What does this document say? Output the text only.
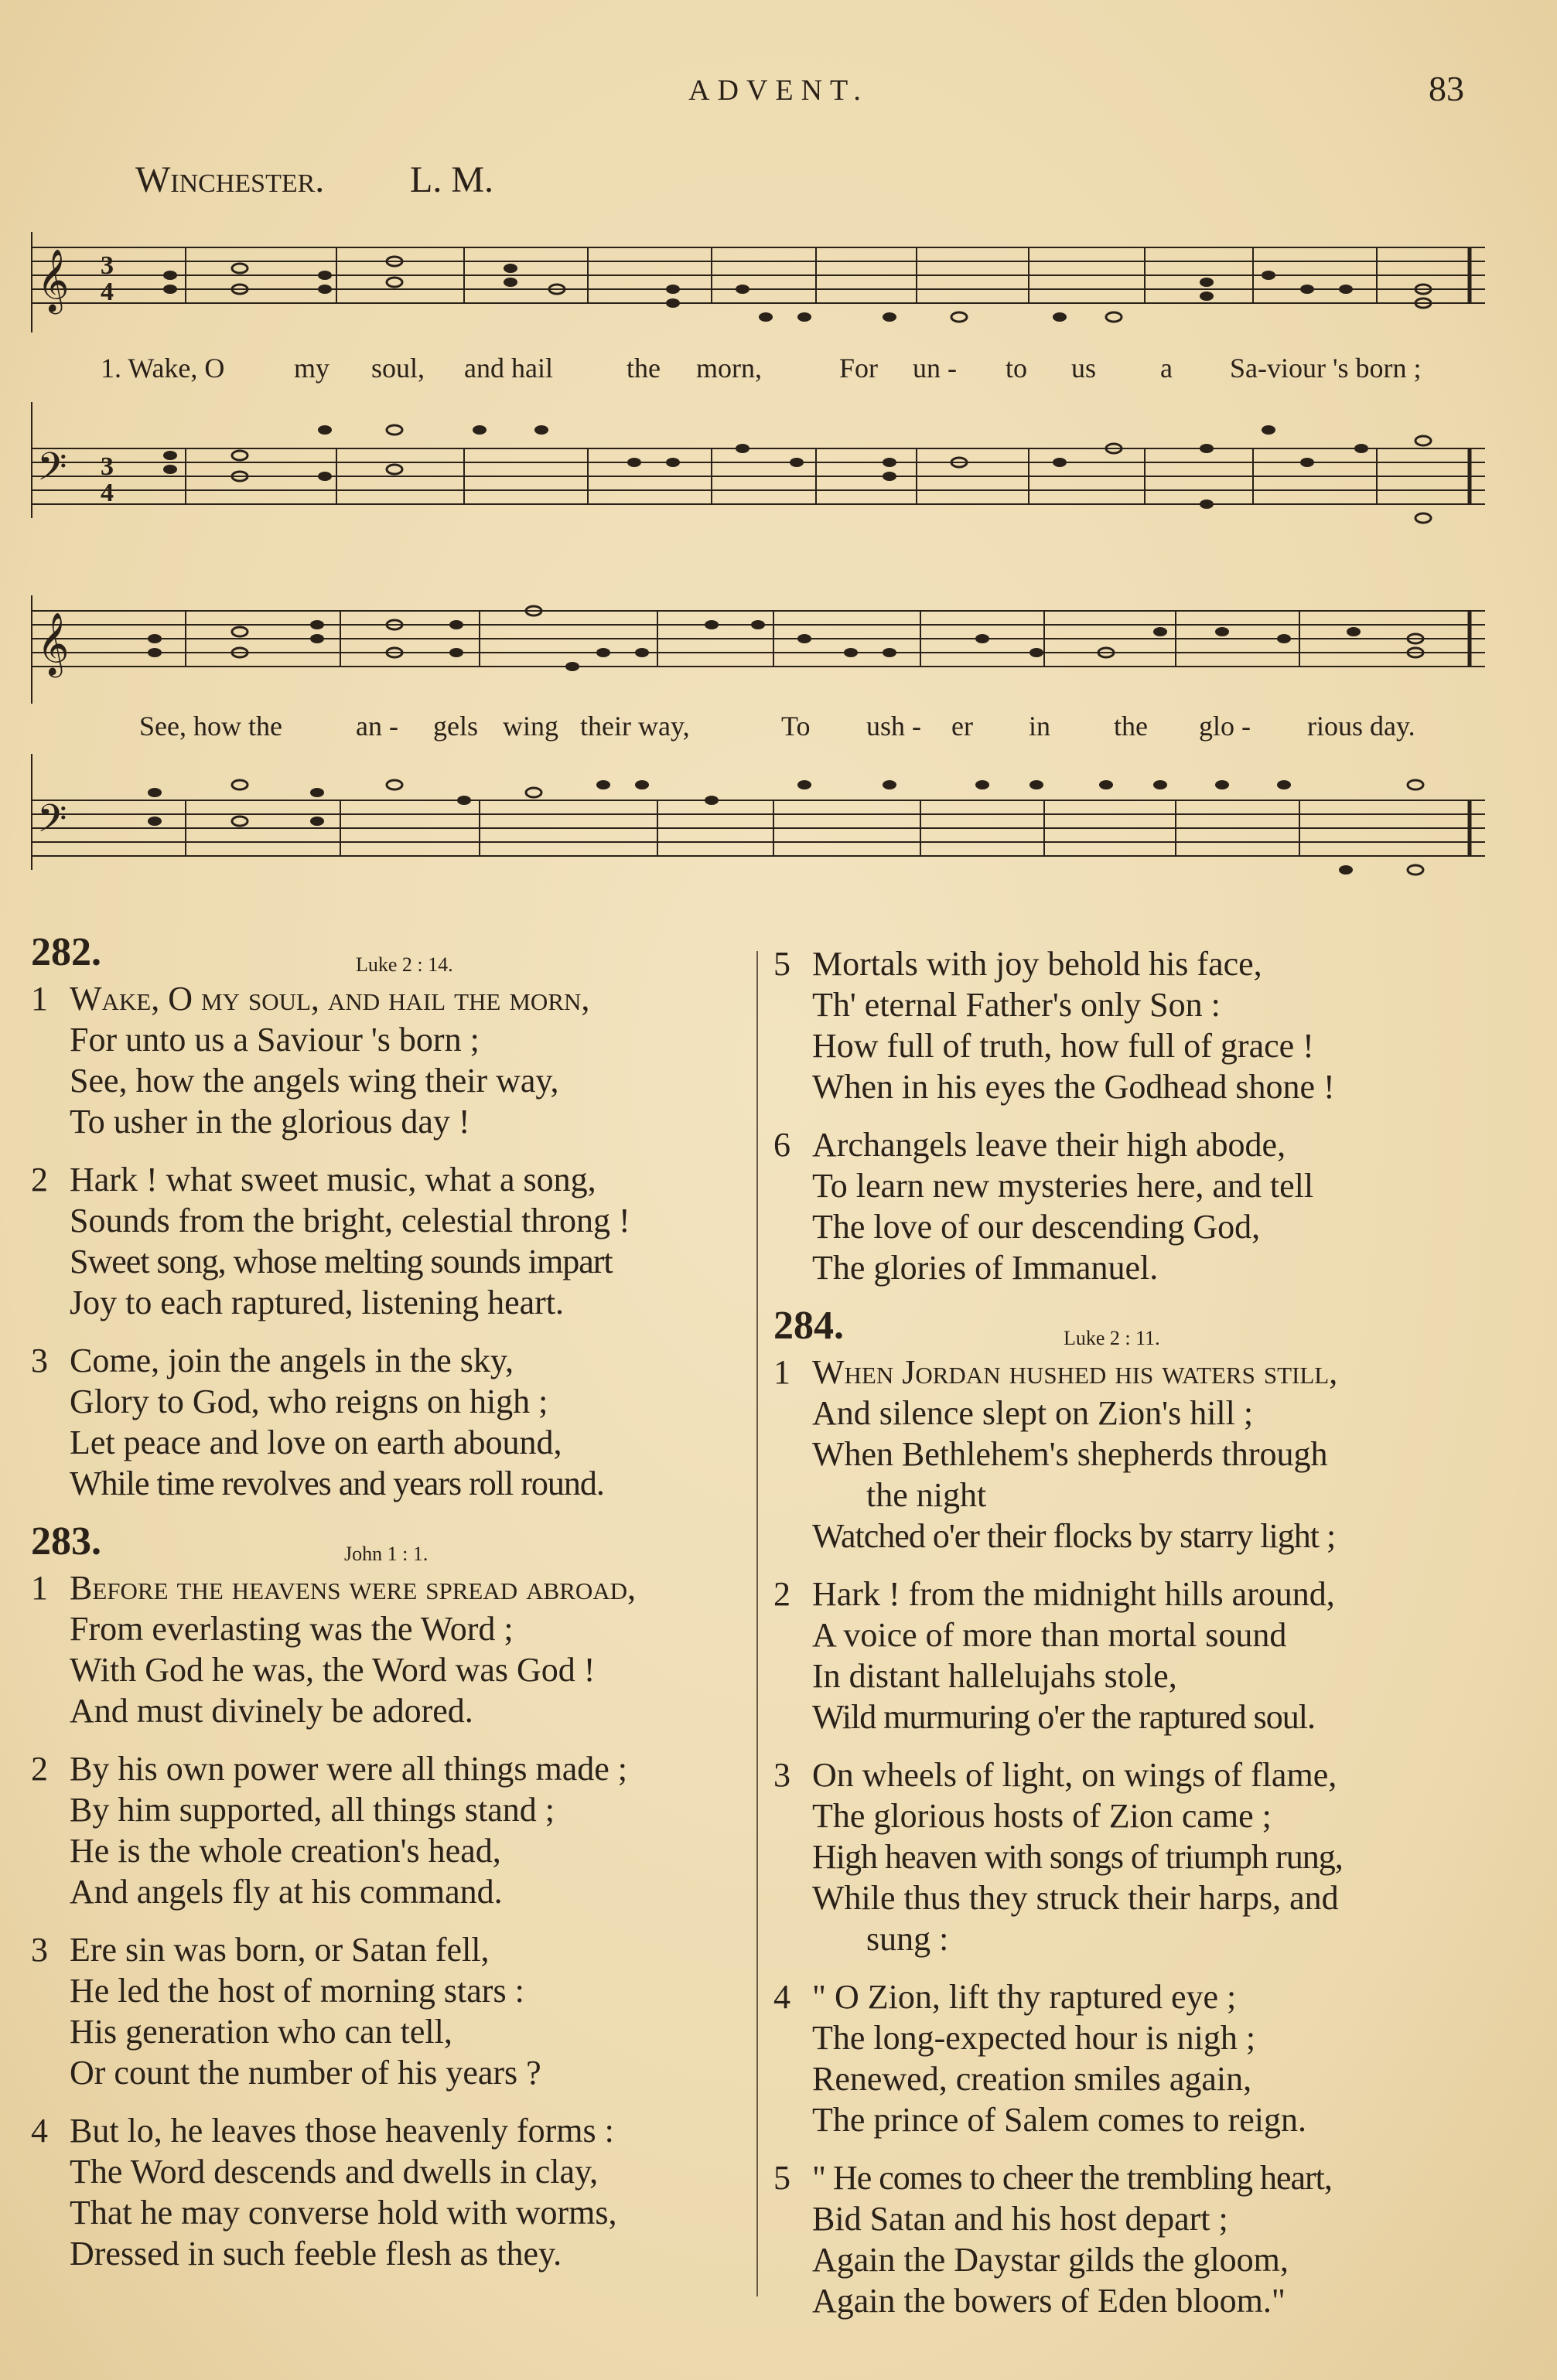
ADVENT.	83
Winchester. L. M.
𝄞 3
4
1. Wake, O my soul, and hail	the morn,	For un - to us a Sa-viour 's born ;
𝄢 3
4
𝄞
See, how the	an - gels wing their way,	To ush - er in the glo - rious day.
𝄢
282.	Luke 2 : 14.
1 Wake, O my soul, and hail the morn,
For unto us a Saviour 's born ;
See, how the angels wing their way,
To usher in the glorious day !
2 Hark ! what sweet music, what a song,
Sounds from the bright, celestial throng !
Sweet song, whose melting sounds impart
Joy to each raptured, listening heart.
3 Come, join the angels in the sky,
Glory to God, who reigns on high ;
Let peace and love on earth abound,
While time revolves and years roll round.
283.	John 1 : 1.
1 Before the heavens were spread abroad,
From everlasting was the Word ;
With God he was, the Word was God !
And must divinely be adored.
2 By his own power were all things made ;
By him supported, all things stand ;
He is the whole creation's head,
And angels fly at his command.
3 Ere sin was born, or Satan fell,
He led the host of morning stars :
His generation who can tell,
Or count the number of his years ?
4 But lo, he leaves those heavenly forms :
The Word descends and dwells in clay,
That he may converse hold with worms,
Dressed in such feeble flesh as they.
5 Mortals with joy behold his face,
Th' eternal Father's only Son :
How full of truth, how full of grace !
When in his eyes the Godhead shone !
6 Archangels leave their high abode,
To learn new mysteries here, and tell
The love of our descending God,
The glories of Immanuel.
284.	Luke 2 : 11.
1 When Jordan hushed his waters still,
And silence slept on Zion's hill ;
When Bethlehem's shepherds through
the night
Watched o'er their flocks by starry light ;
2 Hark ! from the midnight hills around,
A voice of more than mortal sound
In distant hallelujahs stole,
Wild murmuring o'er the raptured soul.
3 On wheels of light, on wings of flame,
The glorious hosts of Zion came ;
High heaven with songs of triumph rung,
While thus they struck their harps, and
sung :
4 " O Zion, lift thy raptured eye ;
The long-expected hour is nigh ;
Renewed, creation smiles again,
The prince of Salem comes to reign.
5 " He comes to cheer the trembling heart,
Bid Satan and his host depart ;
Again the Daystar gilds the gloom,
Again the bowers of Eden bloom."
